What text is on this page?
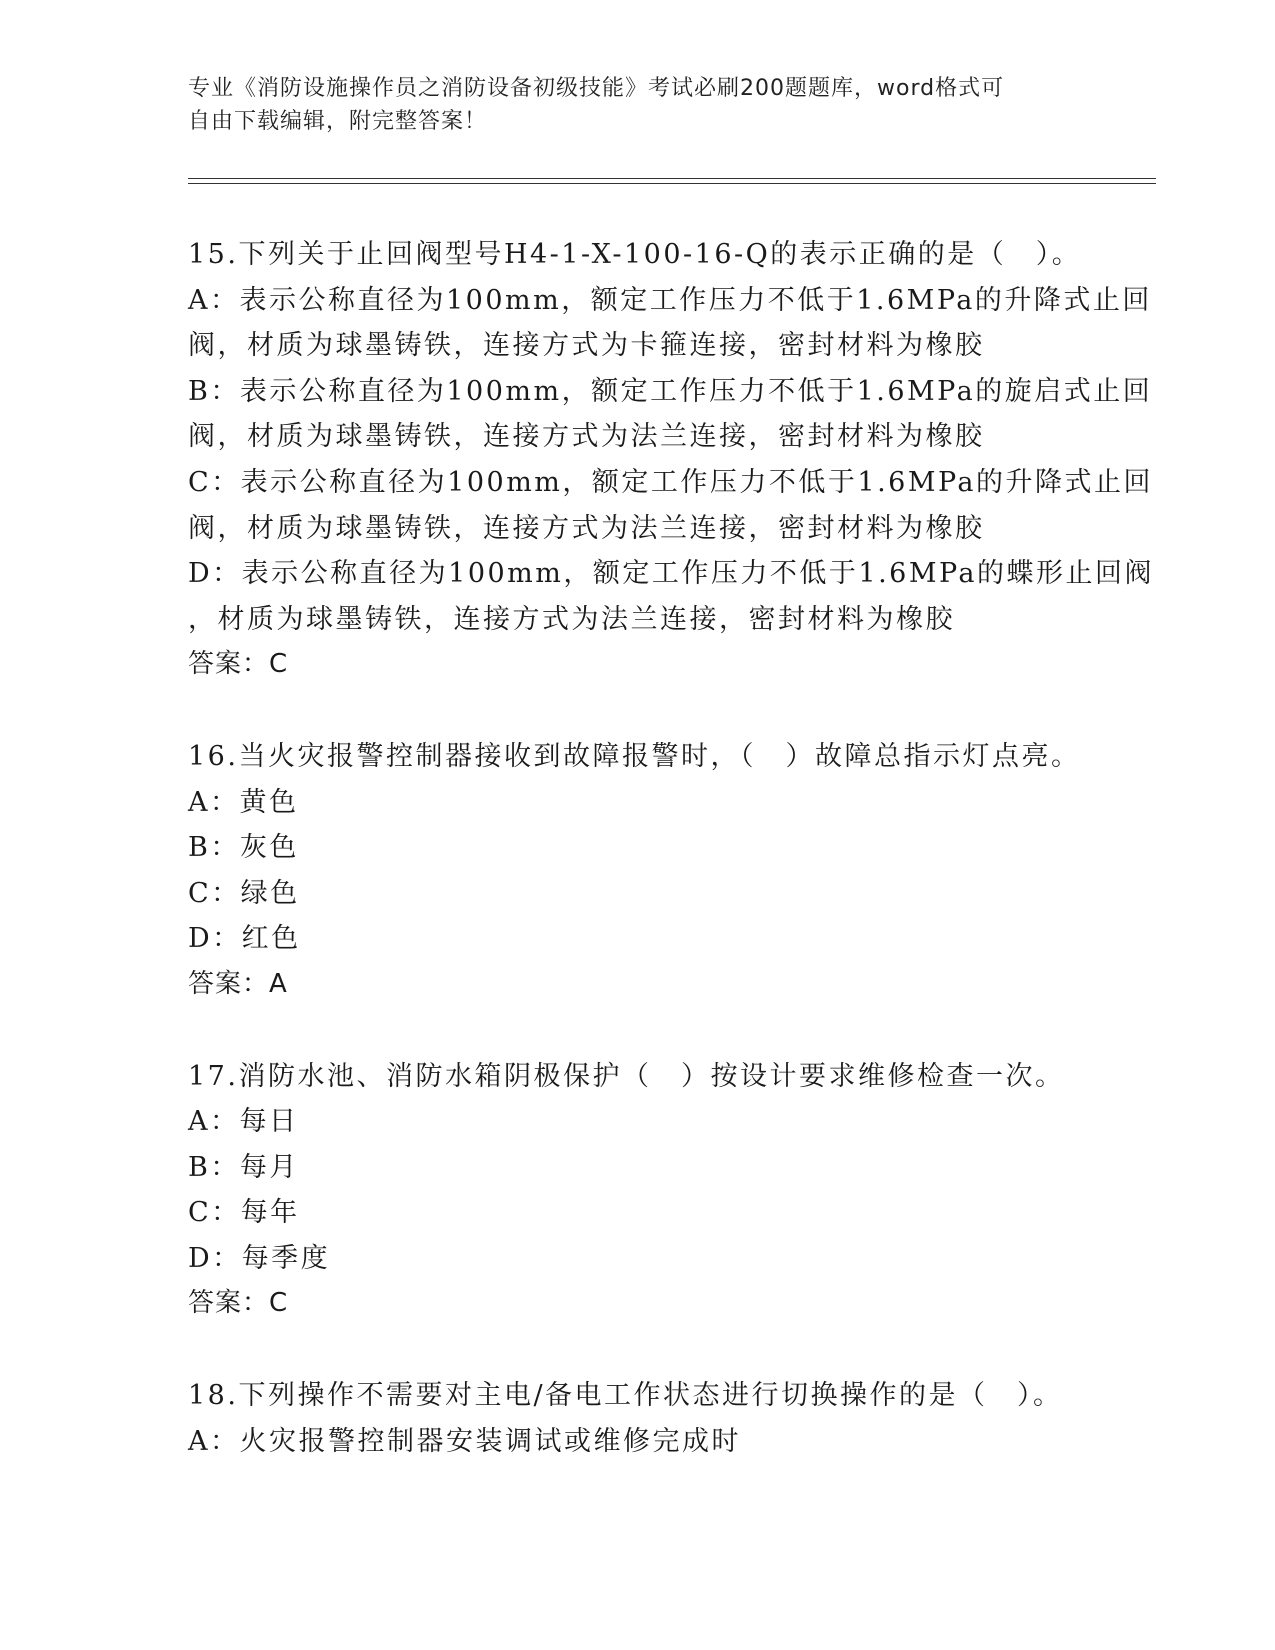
专业《消防设施操作员之消防设备初级技能》考试必刷200题题库，word格式可
自由下载编辑，附完整答案！
15.下列关于止回阀型号H4-1-X-100-16-Q的表示正确的是（　）。
A：表示公称直径为100mm，额定工作压力不低于1.6MPa的升降式止回
阀，材质为球墨铸铁，连接方式为卡箍连接，密封材料为橡胶
B：表示公称直径为100mm，额定工作压力不低于1.6MPa的旋启式止回
阀，材质为球墨铸铁，连接方式为法兰连接，密封材料为橡胶
C：表示公称直径为100mm，额定工作压力不低于1.6MPa的升降式止回
阀，材质为球墨铸铁，连接方式为法兰连接，密封材料为橡胶
D：表示公称直径为100mm，额定工作压力不低于1.6MPa的蝶形止回阀
，材质为球墨铸铁，连接方式为法兰连接，密封材料为橡胶
答案：C
16.当火灾报警控制器接收到故障报警时，（　）故障总指示灯点亮。
A：黄色
B：灰色
C：绿色
D：红色
答案：A
17.消防水池、消防水箱阴极保护（　）按设计要求维修检查一次。
A：每日
B：每月
C：每年
D：每季度
答案：C
18.下列操作不需要对主电/备电工作状态进行切换操作的是（　）。
A：火灾报警控制器安装调试或维修完成时
